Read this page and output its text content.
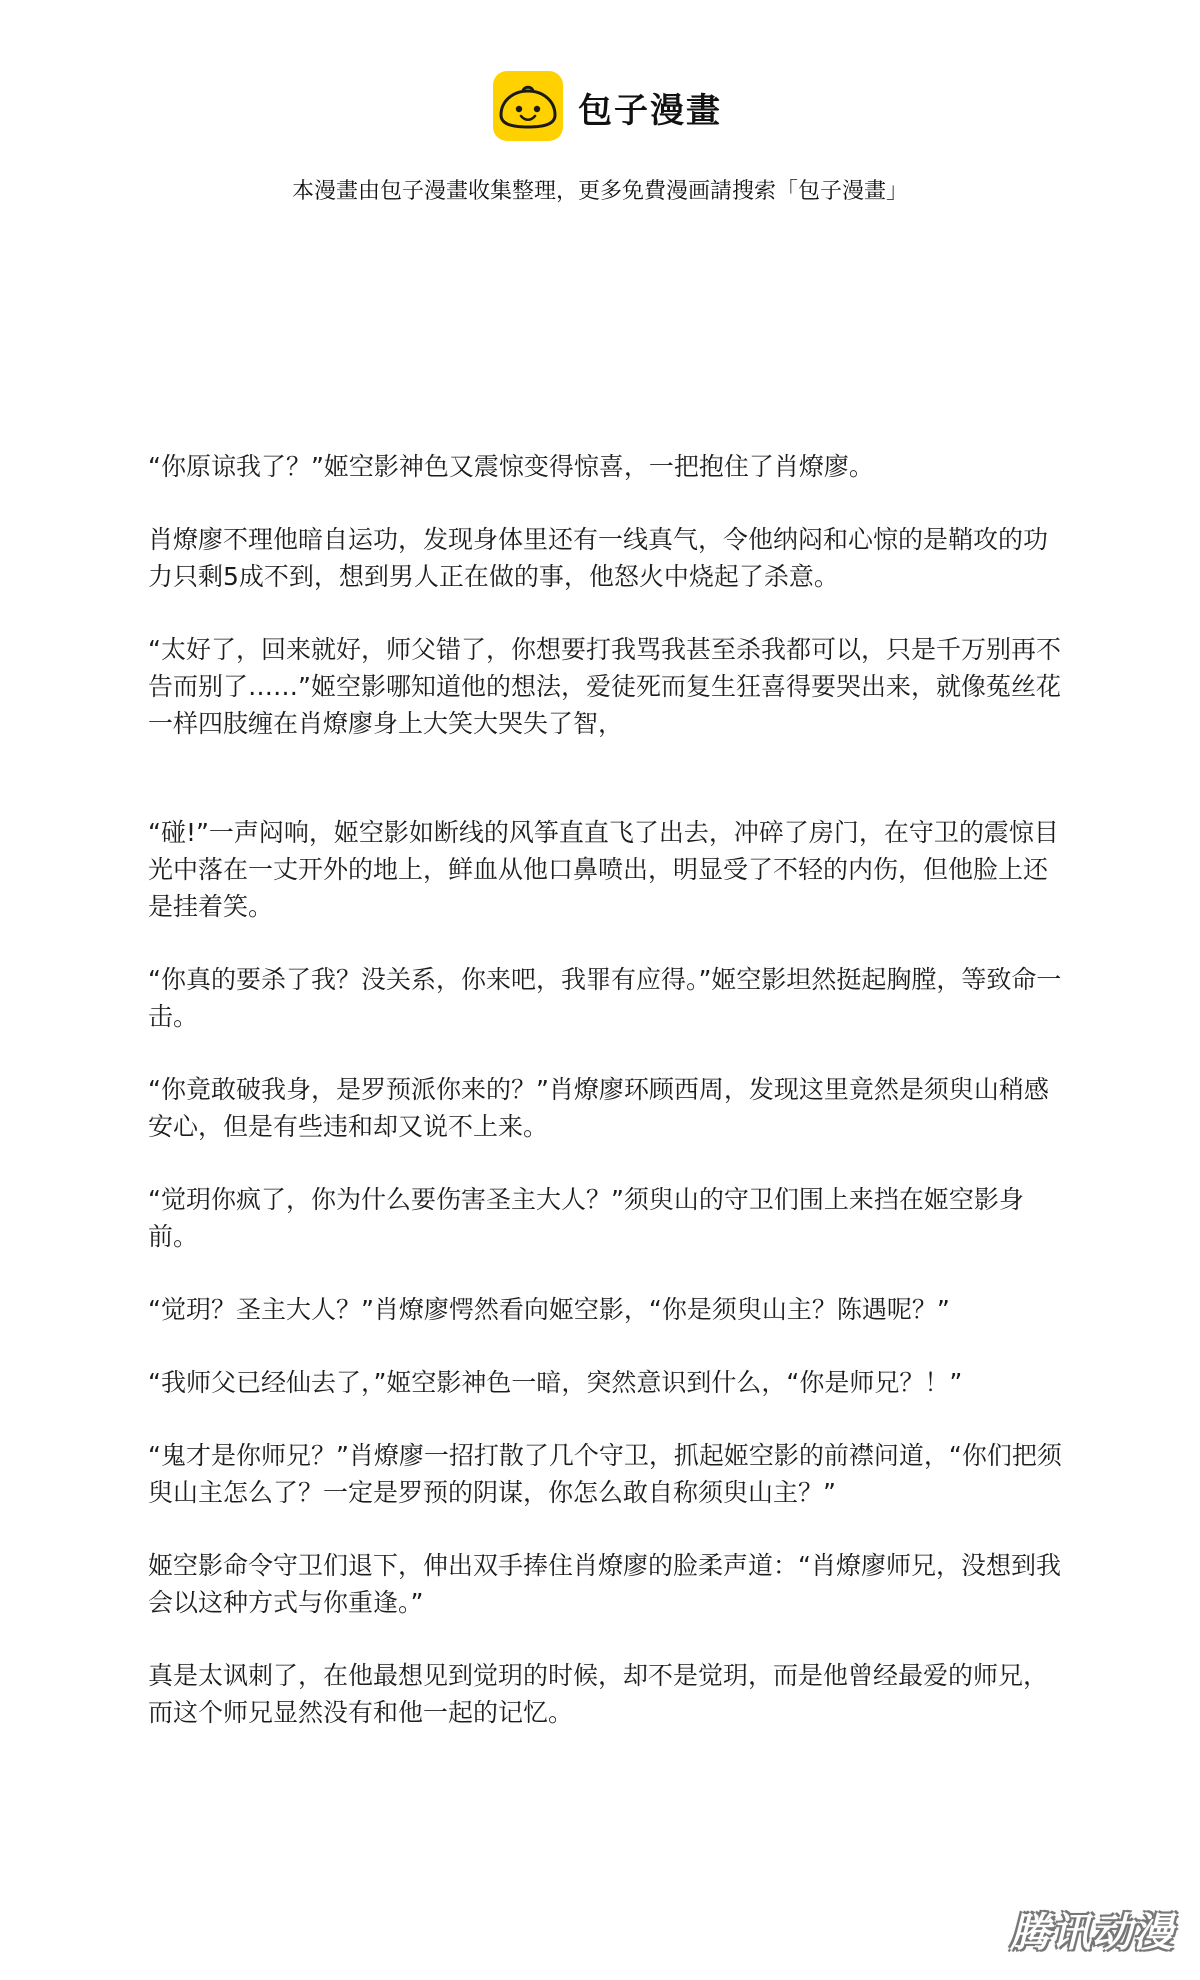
包子漫畫
本漫畫由包子漫畫收集整理，更多免費漫画請搜索「包子漫畫」

“你原谅我了？”姬空影神色又震惊变得惊喜，一把抱住了肖燎廖。

肖燎廖不理他暗自运功，发现身体里还有一线真气，令他纳闷和心惊的是鞘攻的功力只剩5成不到，想到男人正在做的事，他怒火中烧起了杀意。

“太好了，回来就好，师父错了，你想要打我骂我甚至杀我都可以，只是千万别再不告而别了……”姬空影哪知道他的想法，爱徒死而复生狂喜得要哭出来，就像菟丝花一样四肢缠在肖燎廖身上大笑大哭失了智，

“碰!”一声闷响，姬空影如断线的风筝直直飞了出去，冲碎了房门，在守卫的震惊目光中落在一丈开外的地上，鲜血从他口鼻喷出，明显受了不轻的内伤，但他脸上还是挂着笑。

“你真的要杀了我？没关系，你来吧，我罪有应得。”姬空影坦然挺起胸膛，等致命一击。

“你竟敢破我身，是罗预派你来的？”肖燎廖环顾西周，发现这里竟然是须臾山稍感安心，但是有些违和却又说不上来。

“觉玥你疯了，你为什么要伤害圣主大人？”须臾山的守卫们围上来挡在姬空影身前。

“觉玥？圣主大人？”肖燎廖愕然看向姬空影，“你是须臾山主？陈遇呢？”

“我师父已经仙去了，”姬空影神色一暗，突然意识到什么，“你是师兄？！”

“鬼才是你师兄？”肖燎廖一招打散了几个守卫，抓起姬空影的前襟问道，“你们把须臾山主怎么了？一定是罗预的阴谋，你怎么敢自称须臾山主？”

姬空影命令守卫们退下，伸出双手捧住肖燎廖的脸柔声道：“肖燎廖师兄，没想到我会以这种方式与你重逢。”

真是太讽刺了，在他最想见到觉玥的时候，却不是觉玥，而是他曾经最爱的师兄，而这个师兄显然没有和他一起的记忆。

腾讯动漫
